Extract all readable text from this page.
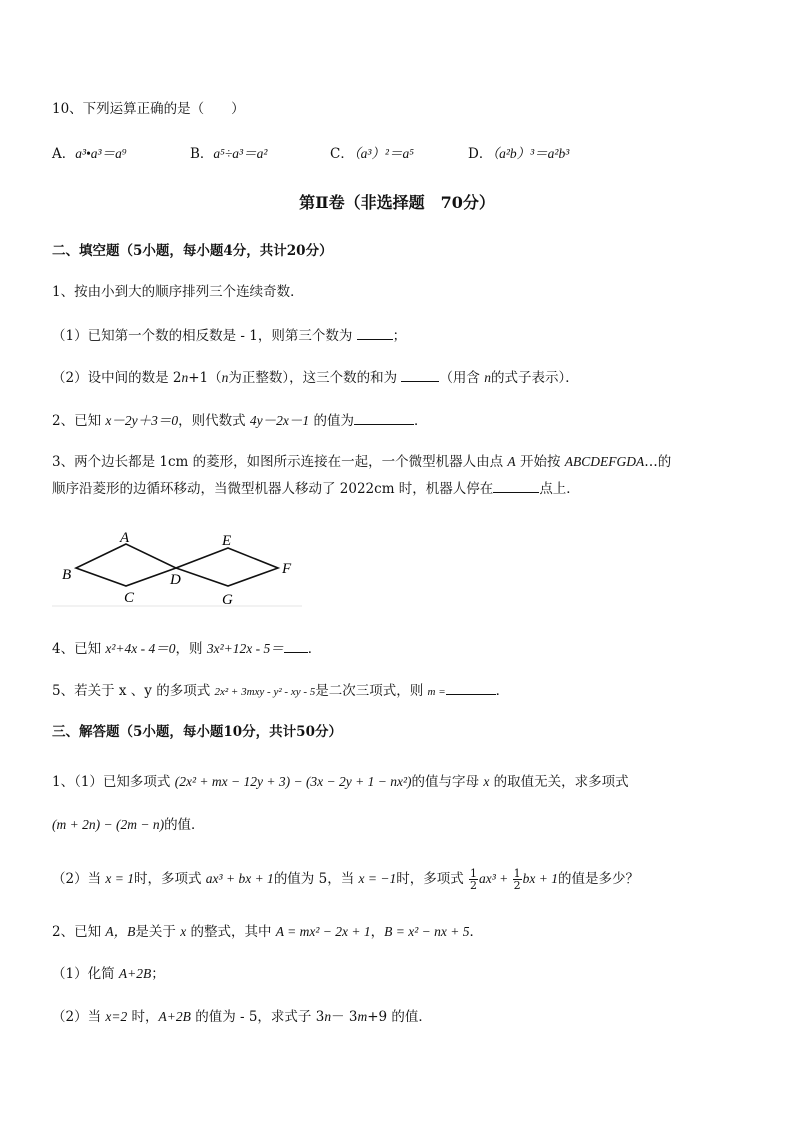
10、下列运算正确的是（　　）
A．a³•a³＝a⁹	B．a⁵÷a³＝a²	C．（a³）²＝a⁵	D．（a²b）³＝a²b³
第Ⅱ卷（非选择题　70分）
二、填空题（5小题，每小题4分，共计20分）
1、按由小到大的顺序排列三个连续奇数．
（1）已知第一个数的相反数是 - 1，则第三个数为	；
（2）设中间的数是 2n+1（n为正整数），这三个数的和为	（用含 n的式子表示）．
2、已知 x－2y＋3＝0，则代数式 4y－2x－1 的值为	．
3、两个边长都是 1cm 的菱形，如图所示连接在一起，一个微型机器人由点 A 开始按 ABCDEFGDA…的
顺序沿菱形的边循环移动，当微型机器人移动了 2022cm 时，机器人停在	点上．
A
B
C
D
E
F
G
4、已知 x²+4x - 4＝0，则 3x²+12x - 5＝ ．
5、若关于 x 、y 的多项式 2x² + 3mxy - y² - xy - 5是二次三项式，则 m =	．
三、解答题（5小题，每小题10分，共计50分）
1、（1）已知多项式 (2x² + mx − 12y + 3) − (3x − 2y + 1 − nx²)的值与字母 x 的取值无关，求多项式
(m + 2n) − (2m − n)的值．
（2）当 x = 1时，多项式 ax³ + bx + 1的值为 5，当 x = −1时，多项式 $\frac{1}{2} ax^3 + \frac{1}{2}$ bx + 1的值是多少？
2、已知 A，B是关于 x 的整式，其中 A = mx² − 2x + 1，B = x² − nx + 5．
（1）化简 A+2B；
（2）当 x=2 时，A+2B 的值为 - 5，求式子 3n－ 3m+9 的值．
